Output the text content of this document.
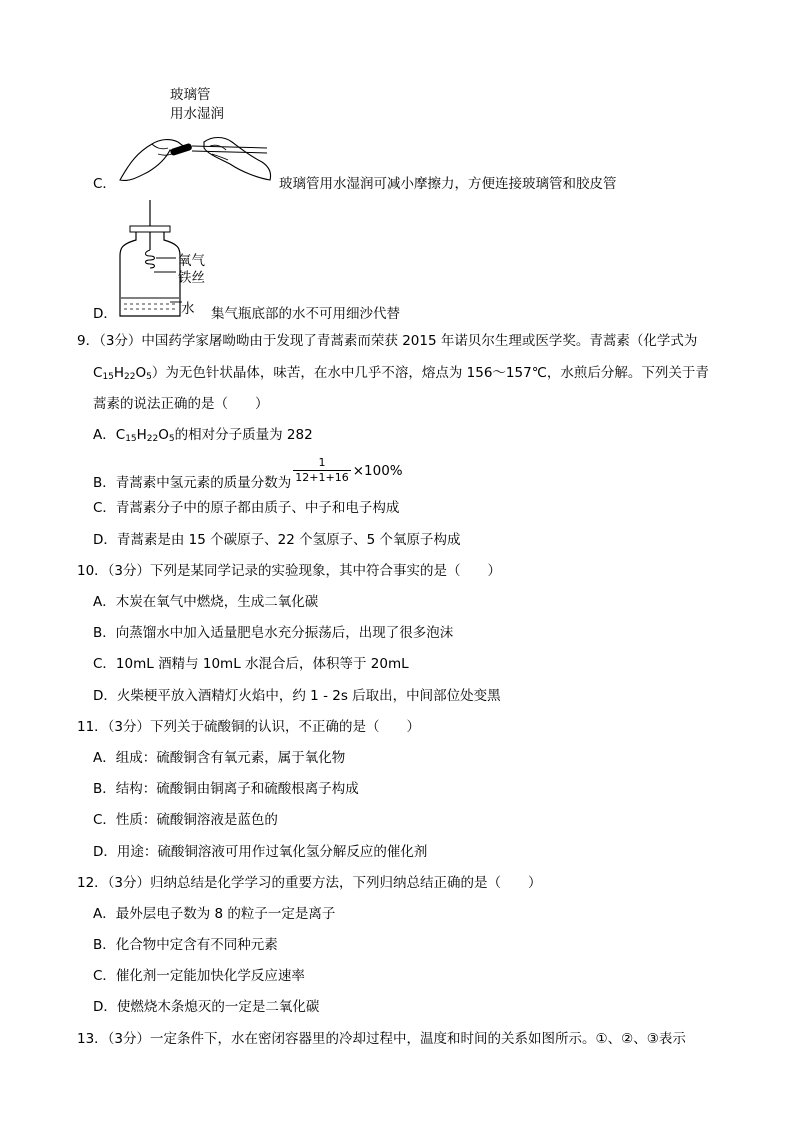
玻璃管
用水湿润
C．	玻璃管用水湿润可减小摩擦力，方便连接玻璃管和胶皮管
氧气
铁丝
水
D．	集气瓶底部的水不可用细沙代替
9．（3分）中国药学家屠呦呦由于发现了青蒿素而荣获 2015 年诺贝尔生理或医学奖。青蒿素（化学式为
$C_{15}H_{22}O_5$）为无色针状晶体，味苦，在水中几乎不溶，熔点为 156～157℃，水煎后分解。下列关于青
蒿素的说法正确的是（　　）
A．$C_{15}H_{22}O_5$的相对分子质量为 282
B．青蒿素中氢元素的质量分数为 $\frac{1}{12+1+16} \times 100\%$
C．青蒿素分子中的原子都由质子、中子和电子构成
D．青蒿素是由 15 个碳原子、22 个氢原子、5 个氧原子构成
10．（3分）下列是某同学记录的实验现象，其中符合事实的是（　　）
A．木炭在氧气中燃烧，生成二氧化碳
B．向蒸馏水中加入适量肥皂水充分振荡后，出现了很多泡沫
C．10mL 酒精与 10mL 水混合后，体积等于 20mL
D．火柴梗平放入酒精灯火焰中，约 1 - 2s 后取出，中间部位处变黑
11．（3分）下列关于硫酸铜的认识，不正确的是（　　）
A．组成：硫酸铜含有氧元素，属于氧化物
B．结构：硫酸铜由铜离子和硫酸根离子构成
C．性质：硫酸铜溶液是蓝色的
D．用途：硫酸铜溶液可用作过氧化氢分解反应的催化剂
12．（3分）归纳总结是化学学习的重要方法，下列归纳总结正确的是（　　）
A．最外层电子数为 8 的粒子一定是离子
B．化合物中定含有不同种元素
C．催化剂一定能加快化学反应速率
D．使燃烧木条熄灭的一定是二氧化碳
13．（3分）一定条件下，水在密闭容器里的冷却过程中，温度和时间的关系如图所示。①、②、③表示
